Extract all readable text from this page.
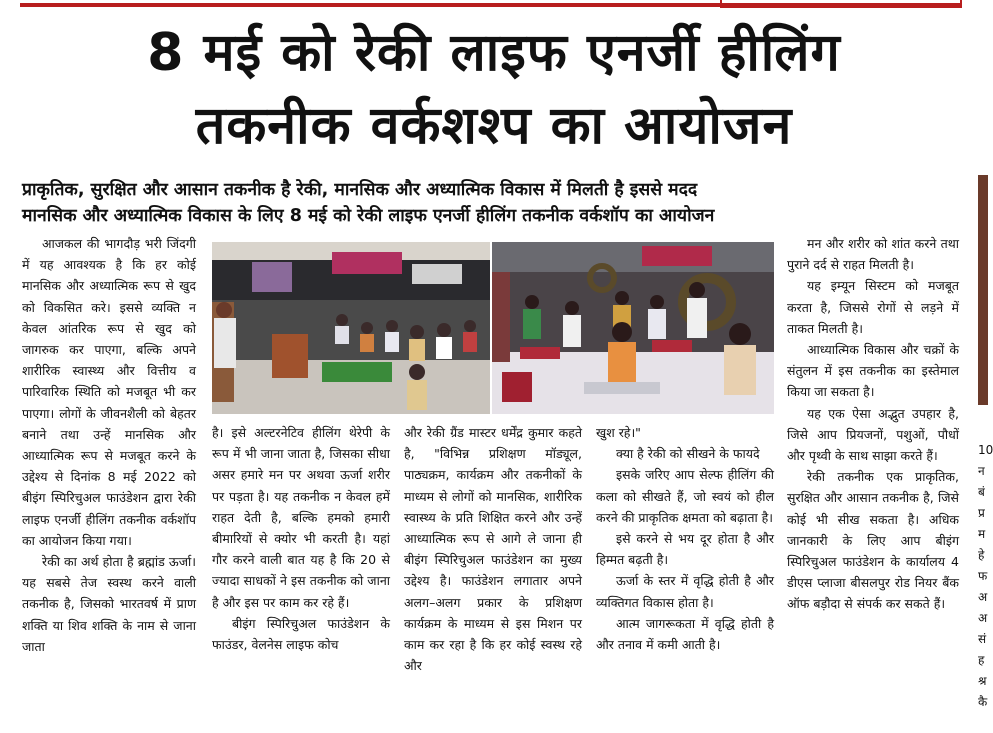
8 मई को रेकी लाइफ एनर्जी हीलिंग
तकनीक वर्कशश्प का आयोजन
प्राकृतिक, सुरक्षित और आसान तकनीक है रेकी, मानसिक और अध्यात्मिक विकास में मिलती है इससे मदद
मानसिक और अध्यात्मिक विकास के लिए 8 मई को रेकी लाइफ एनर्जी हीलिंग तकनीक वर्कशॉप का आयोजन

आजकल की भागदौड़ भरी जिंदगी में यह आवश्यक है कि हर कोई मानसिक और अध्यात्मिक रूप से खुद को विकसित करे। इससे व्यक्ति न केवल आंतरिक रूप से खुद को जागरुक कर पाएगा, बल्कि अपने शारीरिक स्वास्थ्य और वित्तीय व पारिवारिक स्थिति को मजबूत भी कर पाएगा। लोगों के जीवनशैली को बेहतर बनाने तथा उन्हें मानसिक और आध्यात्मिक रूप से मजबूत करने के उद्देश्य से दिनांक 8 मई 2022 को बीइंग स्पिरिचुअल फाउंडेशन द्वारा रेकी लाइफ एनर्जी हीलिंग तकनीक वर्कशॉप का आयोजन किया गया।

रेकी का अर्थ होता है ब्रह्मांड ऊर्जा। यह सबसे तेज स्वस्थ करने वाली तकनीक है, जिसको भारतवर्ष में प्राण शक्ति या शिव शक्ति के नाम से जाना जाता

है। इसे अल्टरनेटिव हीलिंग थेरेपी के रूप में भी जाना जाता है, जिसका सीधा असर हमारे मन पर अथवा ऊर्जा शरीर पर पड़ता है। यह तकनीक न केवल हमें राहत देती है, बल्कि हमको हमारी बीमारियों से क्योर भी करती है। यहां गौर करने वाली बात यह है कि 20 से ज्यादा साधकों ने इस तकनीक को जाना है और इस पर काम कर रहे हैं।

बीइंग स्पिरिचुअल फाउंडेशन के फाउंडर, वेलनेस लाइफ कोच

और रेकी ग्रैंड मास्टर धर्मेंद्र कुमार कहते है, "विभिन्न प्रशिक्षण मॉड्यूल, पाठ्यक्रम, कार्यक्रम और तकनीकों के माध्यम से लोगों को मानसिक, शारीरिक स्वास्थ्य के प्रति शिक्षित करने और उन्हें आध्यात्मिक रूप से आगे ले जाना ही बीइंग स्पिरिचुअल फाउंडेशन का मुख्य उद्देश्य है। फाउंडेशन लगातार अपने अलग–अलग प्रकार के प्रशिक्षण कार्यक्रम के माध्यम से इस मिशन पर काम कर रहा है कि हर कोई स्वस्थ रहे और

खुश रहे।"

क्या है रेकी को सीखने के फायदे

इसके जरिए आप सेल्फ हीलिंग की कला को सीखते हैं, जो स्वयं को हील करने की प्राकृतिक क्षमता को बढ़ाता है।

इसे करने से भय दूर होता है और हिम्मत बढ़ती है।

ऊर्जा के स्तर में वृद्धि होती है और व्यक्तिगत विकास होता है।

आत्म जागरूकता में वृद्धि होती है और तनाव में कमी आती है।

मन और शरीर को शांत करने तथा पुराने दर्द से राहत मिलती है।

यह इम्यून सिस्टम को मजबूत करता है, जिससे रोगों से लड़ने में ताकत मिलती है।

आध्यात्मिक विकास और चक्रों के संतुलन में इस तकनीक का इस्तेमाल किया जा सकता है।

यह एक ऐसा अद्भुत उपहार है, जिसे आप प्रियजनों, पशुओं, पौधों और पृथ्वी के साथ साझा करते हैं।

रेकी तकनीक एक प्राकृतिक, सुरक्षित और आसान तकनीक है, जिसे कोई भी सीख सकता है। अधिक जानकारी के लिए आप बीइंग स्पिरिचुअल फाउंडेशन के कार्यालय 4 डीएस प्लाजा बीसलपुर रोड नियर बैंक ऑफ बड़ौदा से संपर्क कर सकते हैं।

10
न
बं
प्र
म
हे
फ
अ
अ
सं
ह
श्र
कै
